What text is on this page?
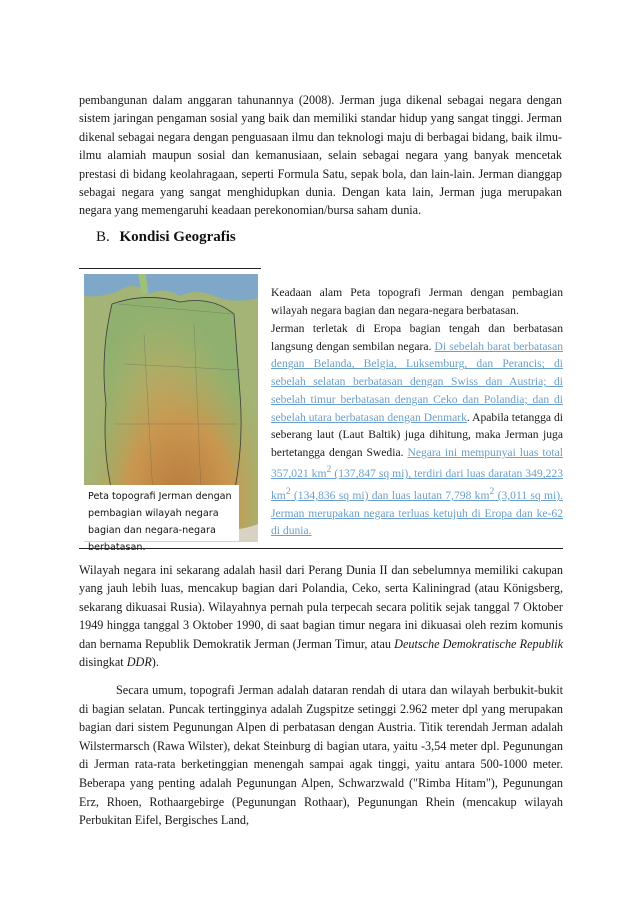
pembangunan dalam anggaran tahunannya (2008). Jerman juga dikenal sebagai negara dengan sistem jaringan pengaman sosial yang baik dan memiliki standar hidup yang sangat tinggi. Jerman dikenal sebagai negara dengan penguasaan ilmu dan teknologi maju di berbagai bidang, baik ilmu-ilmu alamiah maupun sosial dan kemanusiaan, selain sebagai negara yang banyak mencetak prestasi di bidang keolahragaan, seperti Formula Satu, sepak bola, dan lain-lain. Jerman dianggap sebagai negara yang sangat menghidupkan dunia. Dengan kata lain, Jerman juga merupakan negara yang memengaruhi keadaan perekonomian/bursa saham dunia.
B. Kondisi Geografis
Peta topografi Jerman dengan pembagian wilayah negara bagian dan negara-negara
Keadaan alam Peta topografi Jerman dengan pembagian wilayah negara bagian dan negara-negara berbatasan.
Jerman terletak di Eropa bagian tengah dan berbatasan langsung dengan sembilan negara. Di sebelah barat berbatasan dengan Belanda, Belgia, Luksemburg, dan Perancis; di sebelah selatan berbatasan dengan Swiss dan Austria; di sebelah timur berbatasan dengan Ceko dan Polandia; dan di sebelah utara berbatasan dengan Denmark. Apabila tetangga di seberang laut (Laut Baltik) juga dihitung, maka Jerman juga bertetangga dengan Swedia. Negara ini mempunyai luas total 357,021 $km^2$ (137,847 sq mi), terdiri dari luas daratan 349,223 $km^2$ (134,836 sq mi) dan luas lautan 7,798 $km^2$ (3,011 sq mi). Jerman merupakan negara terluas ketujuh di Eropa dan ke-62 di dunia.
Wilayah negara ini sekarang adalah hasil dari Perang Dunia II dan sebelumnya memiliki cakupan yang jauh lebih luas, mencakup bagian dari Polandia, Ceko, serta Kaliningrad (atau Königsberg, sekarang dikuasai Rusia). Wilayahnya pernah pula terpecah secara politik sejak tanggal 7 Oktober 1949 hingga tanggal 3 Oktober 1990, di saat bagian timur negara ini dikuasai oleh rezim komunis dan bernama Republik Demokratik Jerman (Jerman Timur, atau Deutsche Demokratische Republik disingkat DDR).
Secara umum, topografi Jerman adalah dataran rendah di utara dan wilayah berbukit-bukit di bagian selatan. Puncak tertingginya adalah Zugspitze setinggi 2.962 meter dpl yang merupakan bagian dari sistem Pegunungan Alpen di perbatasan dengan Austria. Titik terendah Jerman adalah Wilstermarsch (Rawa Wilster), dekat Steinburg di bagian utara, yaitu -3,54 meter dpl. Pegunungan di Jerman rata-rata berketinggian menengah sampai agak tinggi, yaitu antara 500-1000 meter. Beberapa yang penting adalah Pegunungan Alpen, Schwarzwald ("Rimba Hitam"), Pegunungan Erz, Rhoen, Rothaargebirge (Pegunungan Rothaar), Pegunungan Rhein (mencakup wilayah Perbukitan Eifel, Bergisches Land,
